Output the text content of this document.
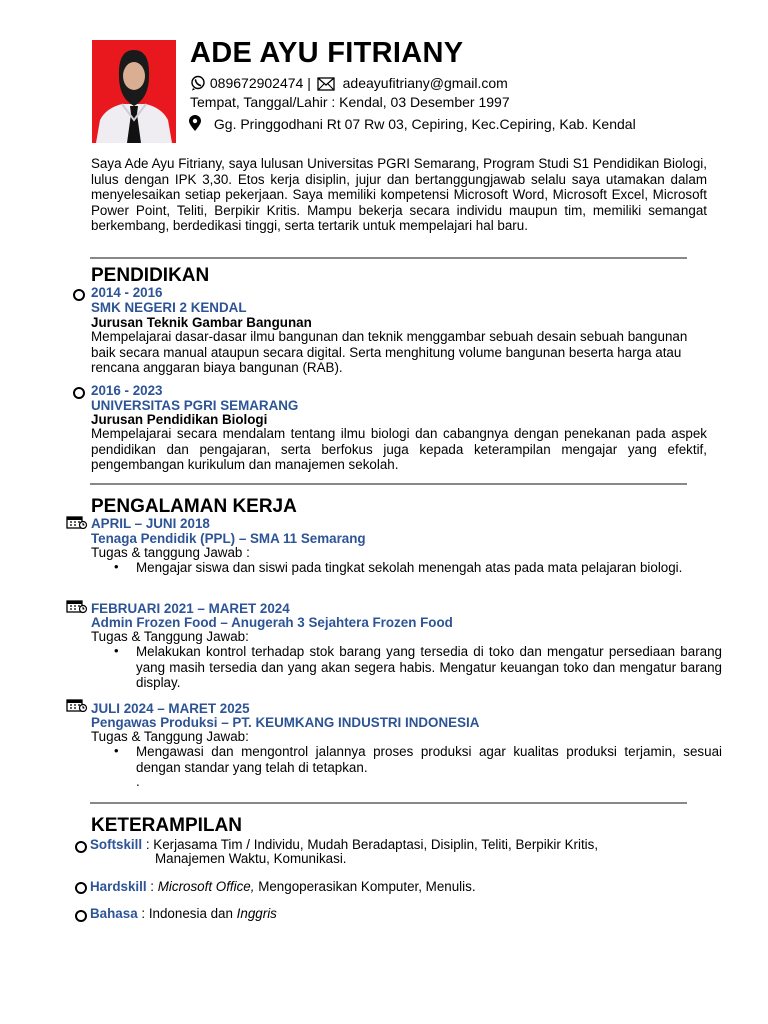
ADE AYU FITRIANY
089672902474 | adeayufitriany@gmail.com
Tempat, Tanggal/Lahir : Kendal, 03 Desember 1997
Gg. Pringgodhani Rt 07 Rw 03, Cepiring, Kec.Cepiring, Kab. Kendal
Saya Ade Ayu Fitriany, saya lulusan Universitas PGRI Semarang, Program Studi S1 Pendidikan Biologi, lulus dengan IPK 3,30. Etos kerja disiplin, jujur dan bertanggungjawab selalu saya utamakan dalam menyelesaikan setiap pekerjaan. Saya memiliki kompetensi Microsoft Word, Microsoft Excel, Microsoft Power Point, Teliti, Berpikir Kritis. Mampu bekerja secara individu maupun tim, memiliki semangat berkembang, berdedikasi tinggi, serta tertarik untuk mempelajari hal baru.
PENDIDIKAN
2014 - 2016
SMK NEGERI 2 KENDAL
Jurusan Teknik Gambar Bangunan
Mempelajarai dasar-dasar ilmu bangunan dan teknik menggambar sebuah desain sebuah bangunan baik secara manual ataupun secara digital. Serta menghitung volume bangunan beserta harga atau rencana anggaran biaya bangunan (RAB).
2016 - 2023
UNIVERSITAS PGRI SEMARANG
Jurusan Pendidikan Biologi
Mempelajarai secara mendalam tentang ilmu biologi dan cabangnya dengan penekanan pada aspek pendidikan dan pengajaran, serta berfokus juga kepada keterampilan mengajar yang efektif, pengembangan kurikulum dan manajemen sekolah.
PENGALAMAN KERJA
APRIL – JUNI 2018
Tenaga Pendidik (PPL) – SMA 11 Semarang
Tugas & tanggung Jawab :
• Mengajar siswa dan siswi pada tingkat sekolah menengah atas pada mata pelajaran biologi.
FEBRUARI 2021 – MARET 2024
Admin Frozen Food – Anugerah 3 Sejahtera Frozen Food
Tugas & Tanggung Jawab:
• Melakukan kontrol terhadap stok barang yang tersedia di toko dan mengatur persediaan barang yang masih tersedia dan yang akan segera habis. Mengatur keuangan toko dan mengatur barang display.
JULI 2024 – MARET 2025
Pengawas Produksi – PT. KEUMKANG INDUSTRI INDONESIA
Tugas & Tanggung Jawab:
• Mengawasi dan mengontrol jalannya proses produksi agar kualitas produksi terjamin, sesuai dengan standar yang telah di tetapkan.
.
KETERAMPILAN
Softskill : Kerjasama Tim / Individu, Mudah Beradaptasi, Disiplin, Teliti, Berpikir Kritis,
Manajemen Waktu, Komunikasi.
Hardskill : Microsoft Office, Mengoperasikan Komputer, Menulis.
Bahasa : Indonesia dan Inggris
